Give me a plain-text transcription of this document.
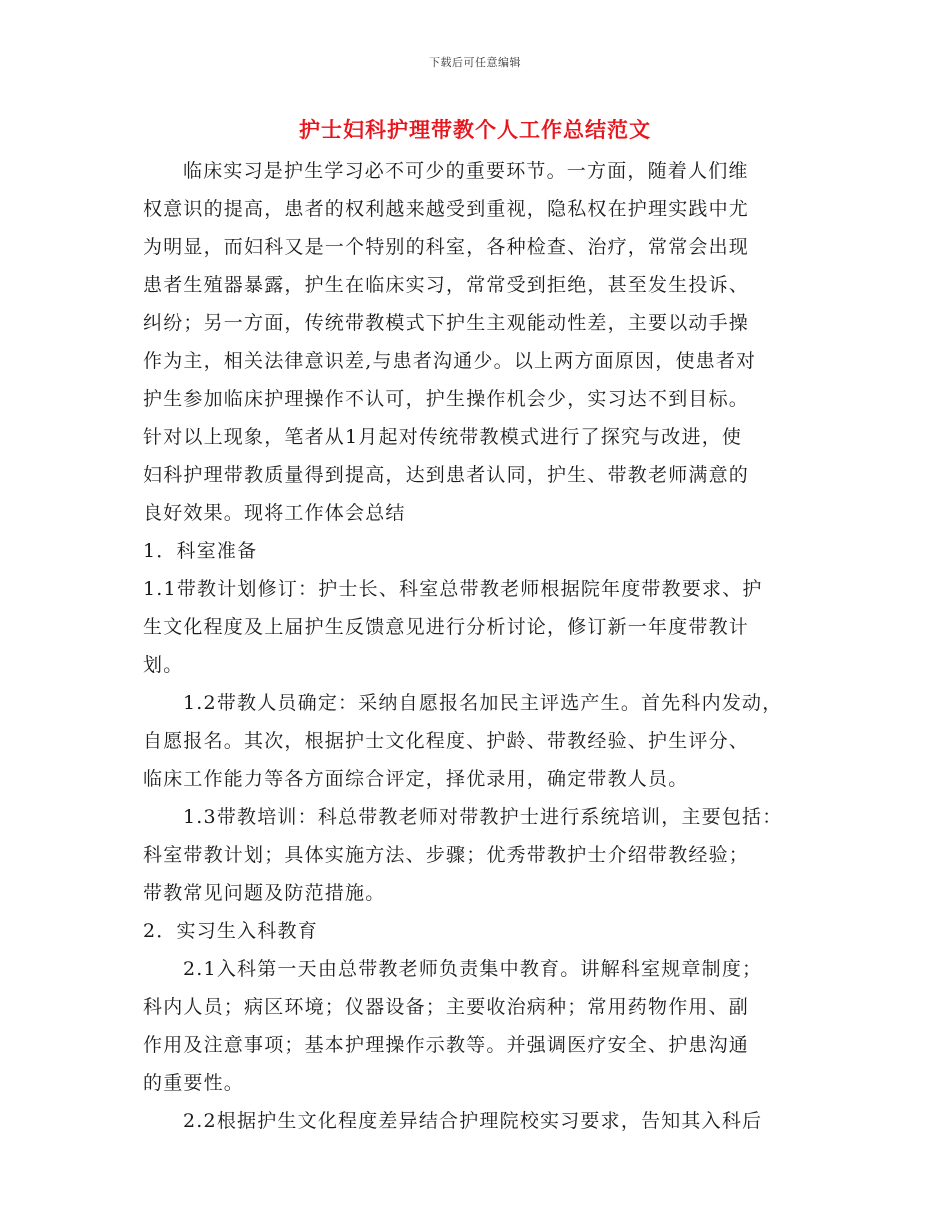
下载后可任意编辑
护士妇科护理带教个人工作总结范文
临床实习是护生学习必不可少的重要环节。一方面，随着人们维
权意识的提高，患者的权利越来越受到重视，隐私权在护理实践中尤
为明显，而妇科又是一个特别的科室，各种检查、治疗，常常会出现
患者生殖器暴露，护生在临床实习，常常受到拒绝，甚至发生投诉、
纠纷；另一方面，传统带教模式下护生主观能动性差，主要以动手操
作为主，相关法律意识差,与患者沟通少。以上两方面原因，使患者对
护生参加临床护理操作不认可，护生操作机会少，实习达不到目标。
针对以上现象，笔者从1月起对传统带教模式进行了探究与改进，使
妇科护理带教质量得到提高，达到患者认同，护生、带教老师满意的
良好效果。现将工作体会总结
1．科室准备
1.1带教计划修订：护士长、科室总带教老师根据院年度带教要求、护
生文化程度及上届护生反馈意见进行分析讨论，修订新一年度带教计
划。
1.2带教人员确定：采纳自愿报名加民主评选产生。首先科内发动，
自愿报名。其次，根据护士文化程度、护龄、带教经验、护生评分、
临床工作能力等各方面综合评定，择优录用，确定带教人员。
1.3带教培训：科总带教老师对带教护士进行系统培训，主要包括：
科室带教计划；具体实施方法、步骤；优秀带教护士介绍带教经验；
带教常见问题及防范措施。
2．实习生入科教育
2.1入科第一天由总带教老师负责集中教育。讲解科室规章制度；
科内人员；病区环境；仪器设备；主要收治病种；常用药物作用、副
作用及注意事项；基本护理操作示教等。并强调医疗安全、护患沟通
的重要性。
2.2根据护生文化程度差异结合护理院校实习要求，告知其入科后
